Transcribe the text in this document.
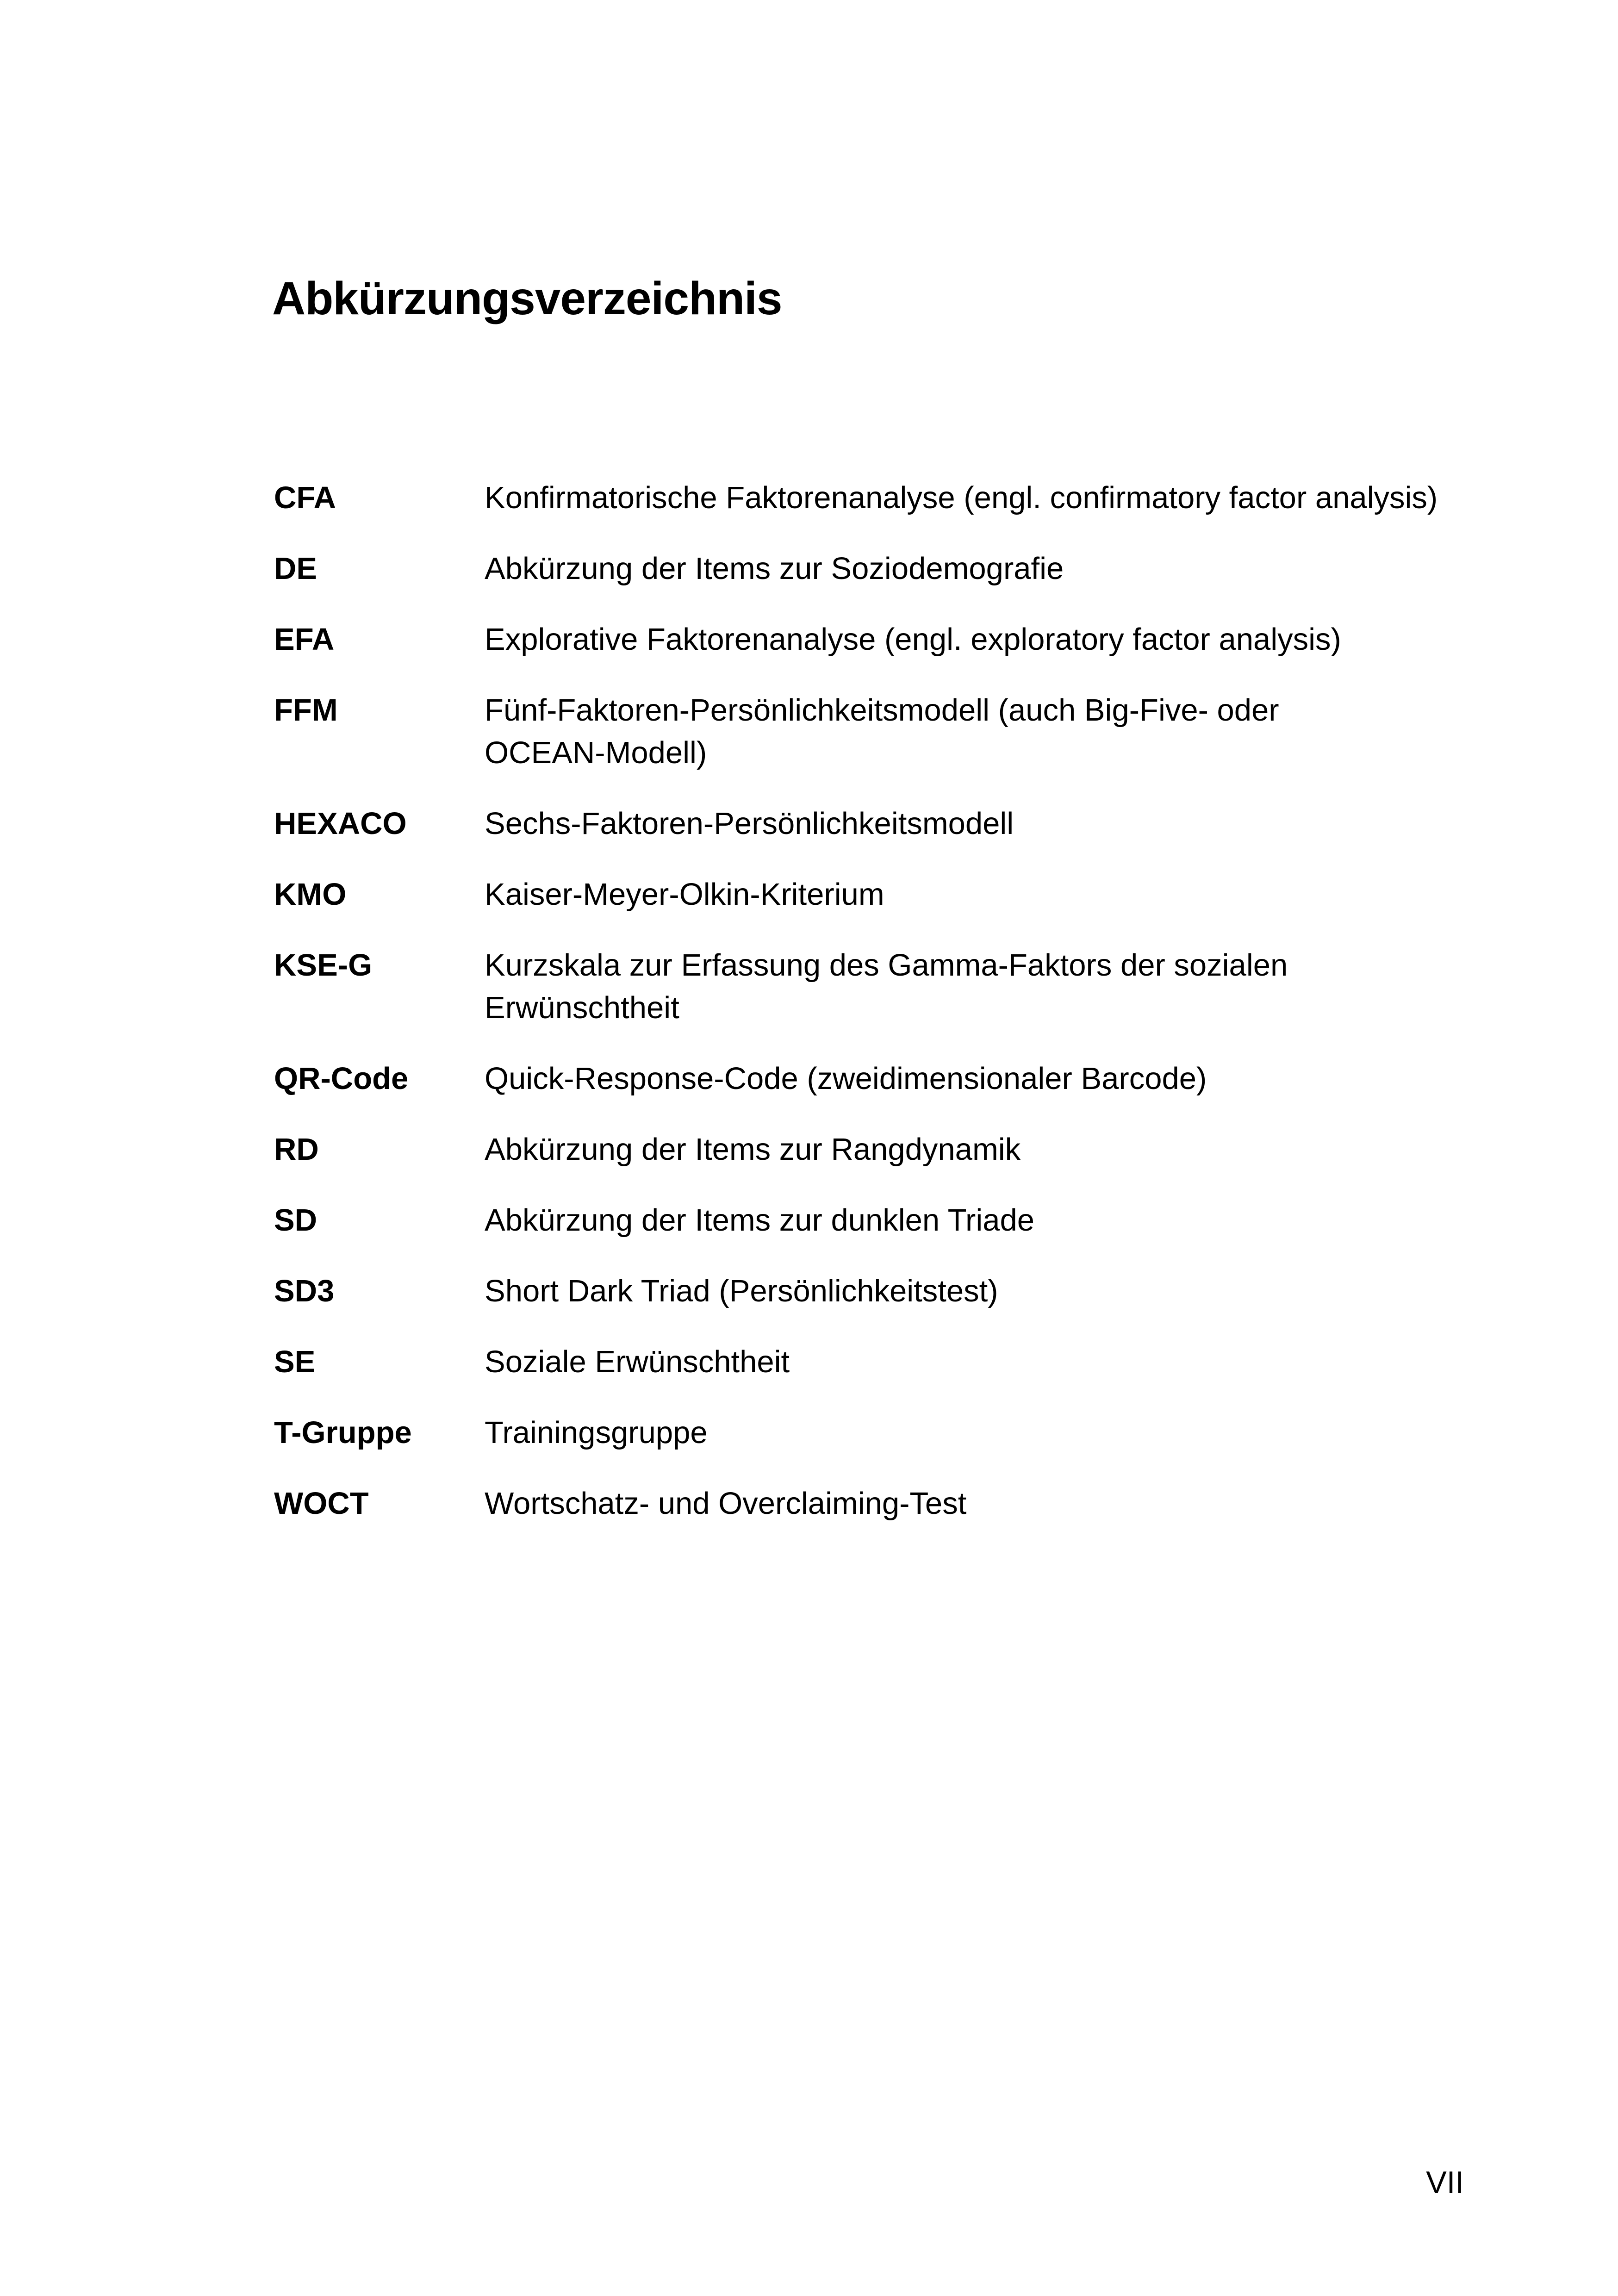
Abkürzungsverzeichnis
CFA	Konfirmatorische Faktorenanalyse (engl. confirmatory factor analysis)
DE	Abkürzung der Items zur Soziodemografie
EFA	Explorative Faktorenanalyse (engl. exploratory factor analysis)
FFM	Fünf-Faktoren-Persönlichkeitsmodell (auch Big-Five- oder
OCEAN-Modell)
HEXACO	Sechs-Faktoren-Persönlichkeitsmodell
KMO	Kaiser-Meyer-Olkin-Kriterium
KSE-G	Kurzskala zur Erfassung des Gamma-Faktors der sozialen
Erwünschtheit
QR-Code	Quick-Response-Code (zweidimensionaler Barcode)
RD	Abkürzung der Items zur Rangdynamik
SD	Abkürzung der Items zur dunklen Triade
SD3	Short Dark Triad (Persönlichkeitstest)
SE	Soziale Erwünschtheit
T-Gruppe	Trainingsgruppe
WOCT	Wortschatz- und Overclaiming-Test
VII
